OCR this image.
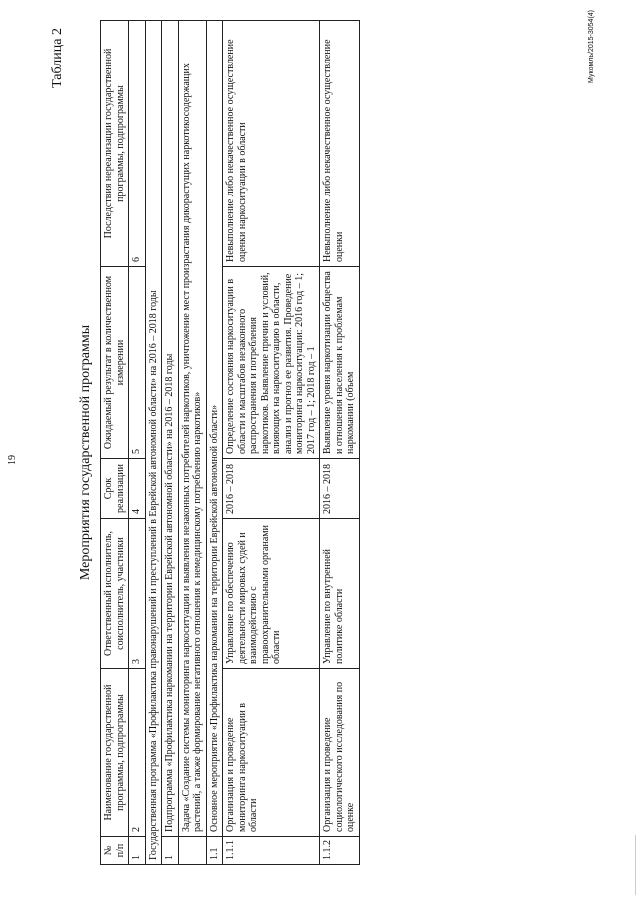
19
Таблица 2
Мероприятия государственной программы
№ п/п	Наименование государственной программы, подпрограммы	Ответственный исполнитель, соисполнитель, участники	Срок реализации	Ожидаемый результат в количественном измерении	Последствия нереализации государственной программы, подпрограммы
1	2	3	4	5	6
Государственная программа «Профилактика правонарушений и преступлений в Еврейской автономной области» на 2016 – 2018 годы					
1	Подпрограмма «Профилактика наркомании на территории Еврейской автономной области» на 2016 – 2018 годы				
	Задача «Создание системы мониторинга наркоситуации и выявления незаконных потребителей наркотиков, уничтожение мест произрастания дикорастущих наркотикосодержащих растений, а также формирование негативного отношения к немедицинскому потреблению наркотиков»				
1.1	Основное мероприятие «Профилактика наркомании на территории Еврейской автономной области»				
1.1.1	Организация и проведение мониторинга наркоситуации в области	Управление по обеспечению деятельности мировых судей и взаимодействию с правоохранительными органами области	2016 – 2018	Определение состояния наркоситуации в области и масштабов незаконного распространения и потребления наркотиков. Выявление причин и условий, влияющих на наркоситуацию в области, анализ и прогноз ее развития. Проведение мониторинга наркоситуации: 2016 год – 1; 2017 год – 1; 2018 год – 1	Невыполнение либо некачественное осуществление оценки наркоситуации в области
1.1.2	Организация и проведение социологического исследования по оценке	Управление по внутренней политике области	2016 – 2018	Выявление уровня наркотизации общества и отношения населения к проблемам наркомании (объем	Невыполнение либо некачественное осуществление оценки
Мукомль/2015-3054(4)
